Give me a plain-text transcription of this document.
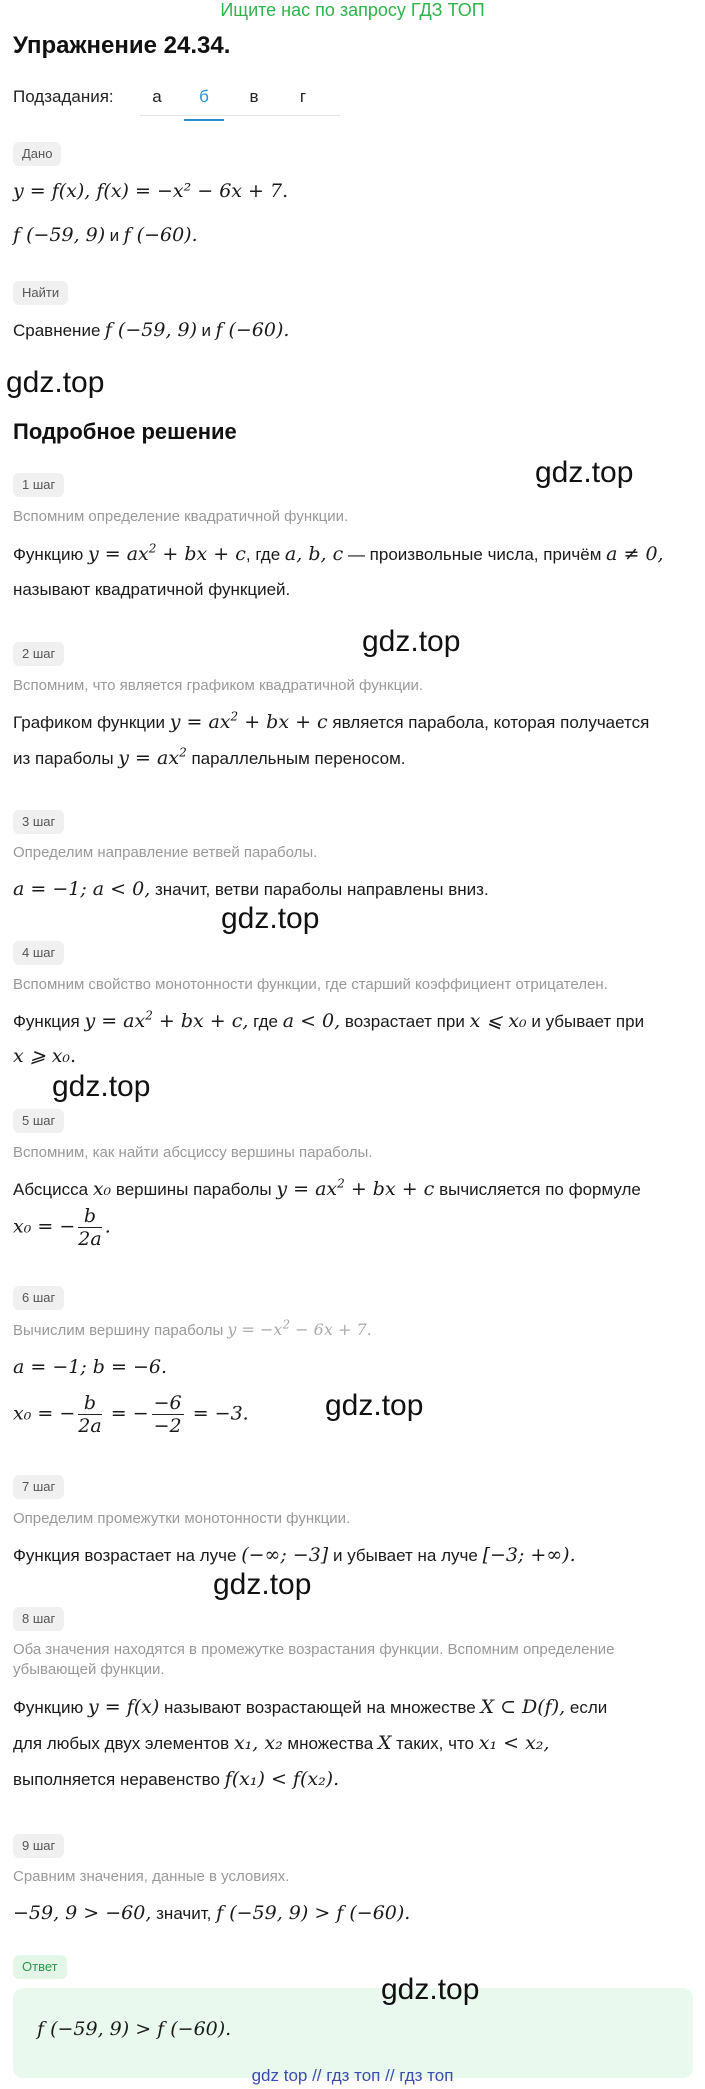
Ищите нас по запросу ГДЗ ТОП
Упражнение 24.34.
Подзадания:	а	б	в	г
Дано
y = f(x), f(x) = −x² − 6x + 7.
f (−59, 9) и f (−60).
Найти
Сравнение f (−59, 9) и f (−60).
gdz.top
Подробное решение
1 шаг	gdz.top
Вспомним определение квадратичной функции.
Функцию $y = ax^2$ + bx + c, где a, b, c — произвольные числа, причём a ≠ 0,
называют квадратичной функцией.
2 шаг	gdz.top
Вспомним, что является графиком квадратичной функции.
Графиком функции $y = ax^2$ + bx + c является парабола, которая получается
из параболы $y = ax^2$ параллельным переносом.
3 шаг
Определим направление ветвей параболы.
a = −1; a < 0, значит, ветви параболы направлены вниз.
gdz.top
4 шаг
Вспомним свойство монотонности функции, где старший коэффициент отрицателен.
Функция $y = ax^2$ + bx + c, где a < 0, возрастает при x ⩽ x₀ и убывает при
x ⩾ x₀.
gdz.top
5 шаг
Вспомним, как найти абсциссу вершины параболы.
Абсцисса x₀ вершины параболы $y = ax^2$ + bx + c вычисляется по формуле
x₀ = − $\frac{b}{2a}$ .
6 шаг
Вычислим вершину параболы $y = -x^2 - 6x + 7$.
a = −1; b = −6.
x₀ = − $\frac{b}{2a}$ = − $\frac{-6}{-2} = -3$.	gdz.top
7 шаг
Определим промежутки монотонности функции.
Функция возрастает на луче (−∞; −3] и убывает на луче [−3; +∞).
gdz.top
8 шаг
Оба значения находятся в промежутке возрастания функции. Вспомним определение убывающей функции.
Функцию y = f(x) называют возрастающей на множестве X ⊂ D(f), если
для любых двух элементов x₁, x₂ множества X таких, что x₁ < x₂,
выполняется неравенство f(x₁) < f(x₂).
9 шаг
Сравним значения, данные в условиях.
−59, 9 > −60, значит, f (−59, 9) > f (−60).
Ответ
f (−59, 9) > f (−60).
gdz.top
gdz top // гдз топ // гдз топ
